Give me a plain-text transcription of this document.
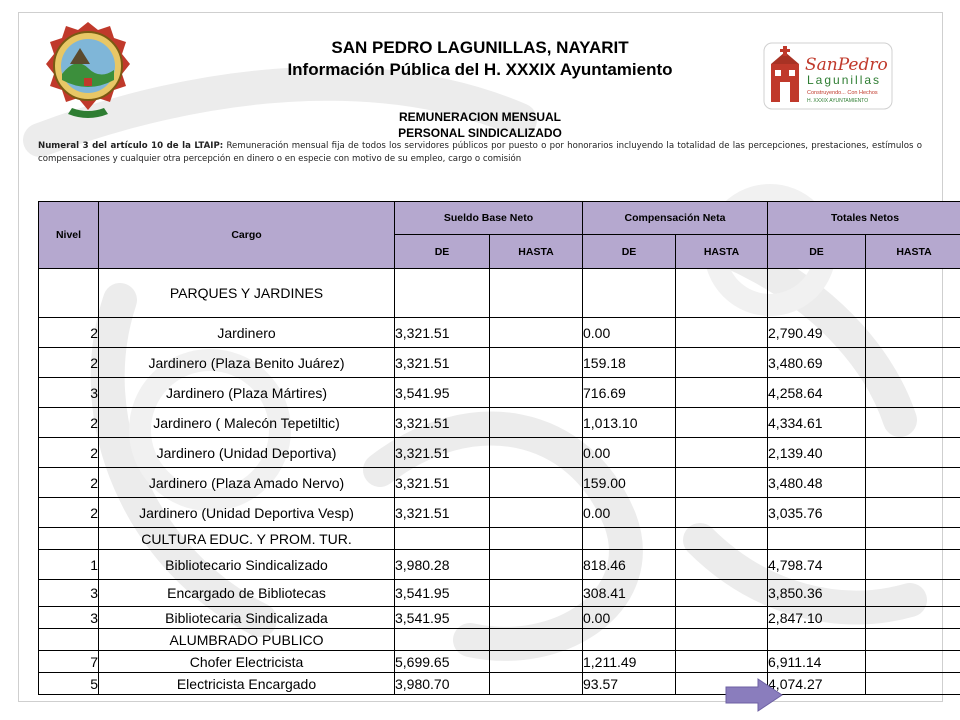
SAN PEDRO LAGUNILLAS, NAYARIT
Información Pública del H. XXXIX Ayuntamiento	SanPedro
Lagunillas
Construyendo... Con Hechos
H. XXXIX AYUNTAMIENTO
REMUNERACION MENSUAL
PERSONAL SINDICALIZADO
Numeral 3 del artículo 10 de la LTAIP: Remuneración mensual fija de todos los servidores públicos por puesto o por honorarios incluyendo la totalidad de las percepciones, prestaciones, estímulos o compensaciones y cualquier otra percepción en dinero o en especie con motivo de su empleo, cargo o comisión
Nivel	Cargo	Sueldo Base Neto		Compensación Neta		Totales Netos	
		DE	HASTA	DE	HASTA	DE	HASTA
	PARQUES Y JARDINES						
2	Jardinero	3,321.51		0.00		2,790.49	
2	Jardinero (Plaza Benito Juárez)	3,321.51		159.18		3,480.69	
3	Jardinero (Plaza Mártires)	3,541.95		716.69		4,258.64	
2	Jardinero ( Malecón Tepetiltic)	3,321.51		1,013.10		4,334.61	
2	Jardinero (Unidad Deportiva)	3,321.51		0.00		2,139.40	
2	Jardinero (Plaza Amado Nervo)	3,321.51		159.00		3,480.48	
2	Jardinero (Unidad Deportiva Vesp)	3,321.51		0.00		3,035.76	
	CULTURA EDUC. Y PROM. TUR.						
1	Bibliotecario Sindicalizado	3,980.28		818.46		4,798.74	
3	Encargado de Bibliotecas	3,541.95		308.41		3,850.36	
3	Bibliotecaria Sindicalizada	3,541.95		0.00		2,847.10	
	ALUMBRADO PUBLICO						
7	Chofer Electricista	5,699.65		1,211.49		6,911.14	
5	Electricista Encargado	3,980.70		93.57		4,074.27	
